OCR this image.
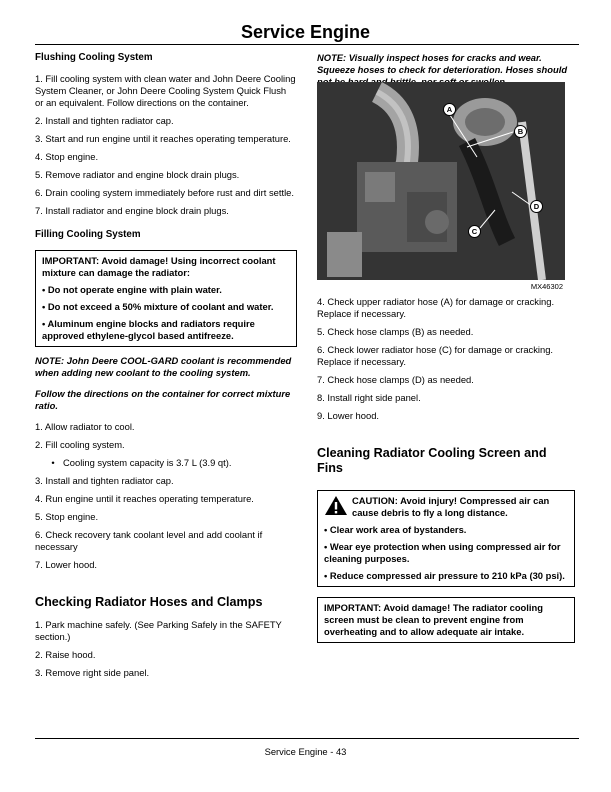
Service Engine
Flushing Cooling System

1. Fill cooling system with clean water and John Deere Cooling System Cleaner, or John Deere Cooling System Quick Flush or an equivalent. Follow directions on the container.

2. Install and tighten radiator cap.

3. Start and run engine until it reaches operating temperature.

4. Stop engine.

5. Remove radiator and engine block drain plugs.

6. Drain cooling system immediately before rust and dirt settle.

7. Install radiator and engine block drain plugs.

Filling Cooling System

IMPORTANT: Avoid damage! Using incorrect coolant mixture can damage the radiator:

• Do not operate engine with plain water.

• Do not exceed a 50% mixture of coolant and water.

• Aluminum engine blocks and radiators require approved ethylene-glycol based antifreeze.

NOTE: John Deere COOL-GARD coolant is recommended when adding new coolant to the cooling system.

Follow the directions on the container for correct mixture ratio.

1. Allow radiator to cool.

2. Fill cooling system.

• Cooling system capacity is 3.7 L (3.9 qt).

3. Install and tighten radiator cap.

4. Run engine until it reaches operating temperature.

5. Stop engine.

6. Check recovery tank coolant level and add coolant if necessary

7. Lower hood.

Checking Radiator Hoses and Clamps

1. Park machine safely. (See Parking Safely in the SAFETY section.)

2. Raise hood.

3. Remove right side panel.

NOTE: Visually inspect hoses for cracks and wear. Squeeze hoses to check for deterioration. Hoses should

A
B
C
D
MX46302

4. Check upper radiator hose (A) for damage or cracking. Replace if necessary.

5. Check hose clamps (B) as needed.

6. Check lower radiator hose (C) for damage or cracking. Replace if necessary.

7. Check hose clamps (D) as needed.

8. Install right side panel.

9. Lower hood.

Cleaning Radiator Cooling Screen and Fins
CAUTION: Avoid injury! Compressed air can cause debris to fly a long distance.

• Clear work area of bystanders.

• Wear eye protection when using compressed air for cleaning purposes.

• Reduce compressed air pressure to 210 kPa (30 psi).

IMPORTANT: Avoid damage! The radiator cooling screen must be clean to prevent engine from overheating and to allow adequate air intake.

Service Engine - 43
